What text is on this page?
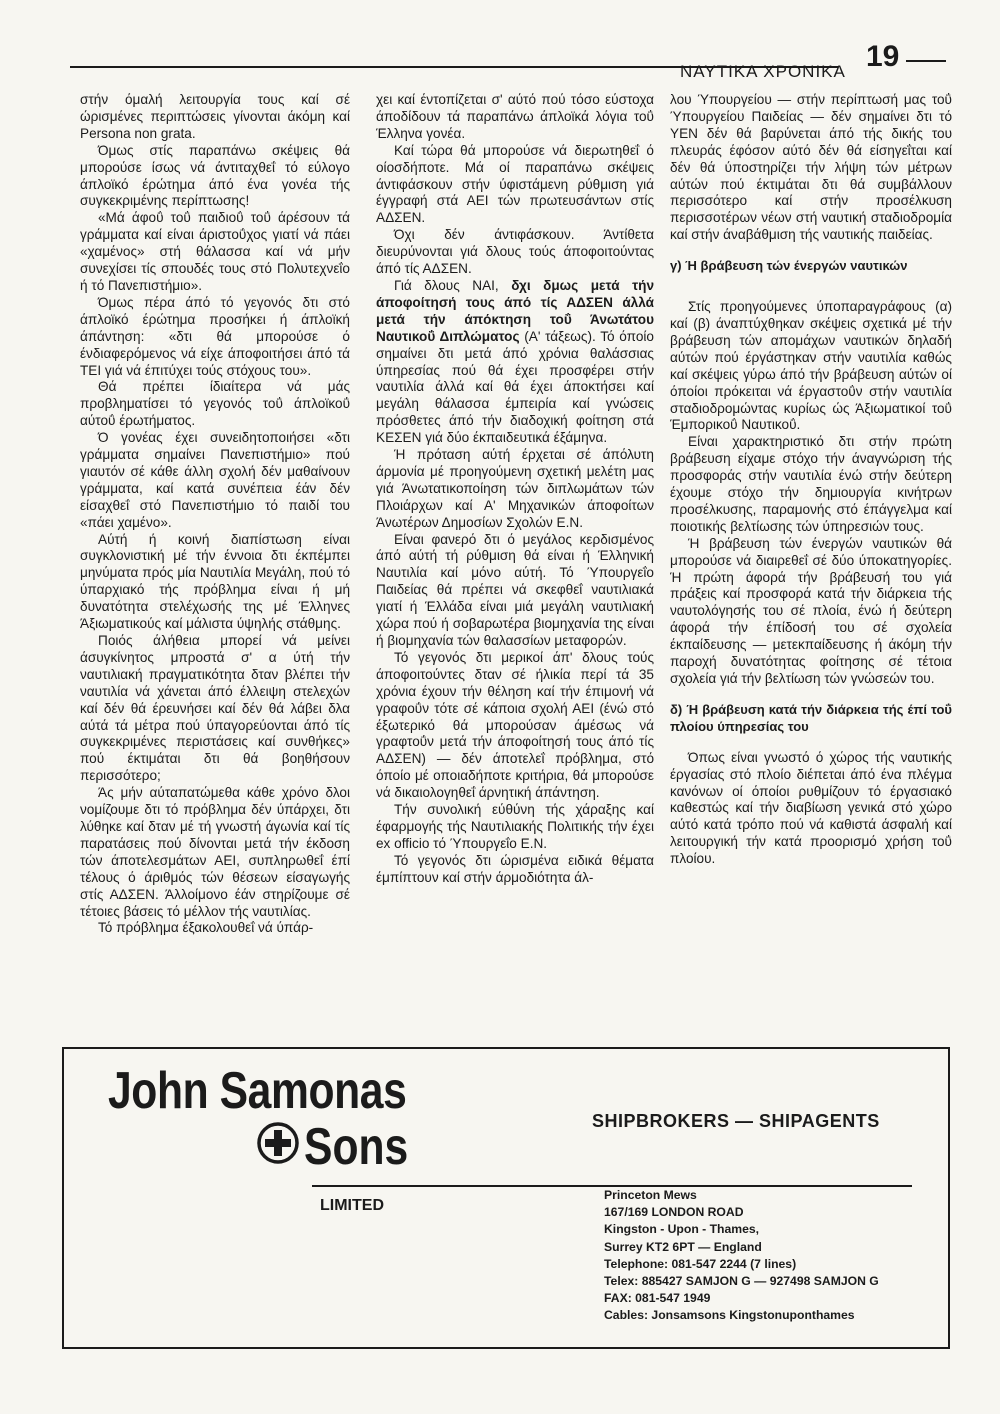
ΝΑΥΤΙΚΑ ΧΡΟΝΙΚΑ 19

στήν όμαλή λειτουργία τους καί σέ ώρισμένες περιπτώσεις γίνονται άκόμη καί Persona non grata.

Όμως στίς παραπάνω σκέψεις θά μπορούσε ίσως νά άντιταχθεΐ τό εύλογο άπλοϊκό έρώτημα άπό ένα γονέα τής συγκεκριμένης περίπτωσης!

«Μά άφοΰ τοΰ παιδιοΰ τοΰ άρέσουν τά γράμματα καί είναι άριστοΰχος γιατί νά πάει «χαμένος» στή θάλασσα καί νά μήν συνεχίσει τίς σπουδές τους στό Πολυτεχνεΐο ή τό Πανεπιστήμιο».

Όμως πέρα άπό τό γεγονός δτι στό άπλοϊκό έρώτημα προσήκει ή άπλοϊκή άπάντηση: «δτι θά μπορούσε ό ένδιαφερόμενος νά είχε άποφοιτήσει άπό τά ΤΕΙ γιά νά έπιτύχει τούς στόχους του».

Θά πρέπει ίδιαίτερα νά μάς προβληματίσει τό γεγονός τοΰ άπλοϊκοΰ αύτοΰ έρωτήματος.

Ό γονέας έχει συνειδητοποιήσει «δτι γράμματα σημαίνει Πανεπιστήμιο» πού γιαυτόν σέ κάθε άλλη σχολή δέν μαθαίνουν γράμματα, καί κατά συνέπεια έάν δέν είσαχθεΐ στό Πανεπιστήμιο τό παιδί του «πάει χαμένο».

Αύτή ή κοινή διαπίστωση είναι συγκλονιστική μέ τήν έννοια δτι έκπέμπει μηνύματα πρός μία Ναυτιλία Μεγάλη, πού τό ύπαρχιακό τής πρόβλημα είναι ή μή δυνατότητα στελέχωσής της μέ Έλληνες Άξιωματικούς καί μάλιστα ύψηλής στάθμης.

Ποιός άλήθεια μπορεί νά μείνει άσυγκίνητος μπροστά σ' α ύτή τήν ναυτιλιακή πραγματικότητα δταν βλέπει τήν ναυτιλία νά χάνεται άπό έλλειψη στελεχών καί δέν θά έρευνήσει καί δέν θά λάβει δλα αύτά τά μέτρα πού ύπαγορεύονται άπό τίς συγκεκριμένες περιστάσεις καί συνθήκες» πού έκτιμάται δτι θά βοηθήσουν περισσότερο;

Άς μήν αύταπατώμεθα κάθε χρόνο δλοι νομίζουμε δτι τό πρόβλημα δέν ύπάρχει, δτι λύθηκε καί δταν μέ τή γνωστή άγωνία καί τίς παρατάσεις πού δίνονται μετά τήν έκδοση τών άποτελεσμάτων ΑΕΙ, συπληρωθεΐ έπί τέλους ό άριθμός τών θέσεων είσαγωγής στίς ΑΔΣΕΝ. Άλλοίμονο έάν στηρίζουμε σέ τέτοιες βάσεις τό μέλλον τής ναυτιλίας.

Τό πρόβλημα έξακολουθεΐ νά ύπάρ-

χει καί έντοπίζεται σ' αύτό πού τόσο εύστοχα άποδίδουν τά παραπάνω άπλοϊκά λόγια τοΰ Έλληνα γονέα.

Καί τώρα θά μπορούσε νά διερωτηθεΐ ό οίοσδήποτε. Μά οί παραπάνω σκέψεις άντιφάσκουν στήν ύφιστάμενη ρύθμιση γιά έγγραφή στά ΑΕΙ τών πρωτευσάντων στίς ΑΔΣΕΝ.

Όχι δέν άντιφάσκουν. Άντίθετα διευρύνονται γιά δλους τούς άποφοιτούντας άπό τίς ΑΔΣΕΝ.

Γιά δλους ΝΑΙ, δχι δμως μετά τήν άποφοίτησή τους άπό τίς ΑΔΣΕΝ άλλά μετά τήν άπόκτηση τοΰ Άνωτάτου Ναυτικοΰ Διπλώματος (Α' τάξεως). Τό όποίο σημαίνει δτι μετά άπό χρόνια θαλάσσιας ύπηρεσίας πού θά έχει προσφέρει στήν ναυτιλία άλλά καί θά έχει άποκτήσει καί μεγάλη θάλασσα έμπειρία καί γνώσεις πρόσθετες άπό τήν διαδοχική φοίτηση στά ΚΕΣΕΝ γιά δύο έκπαιδευτικά έξάμηνα.

Ή πρόταση αύτή έρχεται σέ άπόλυτη άρμονία μέ προηγούμενη σχετική μελέτη μας γιά Άνωτατικοποίηση τών διπλωμάτων τών Πλοιάρχων καί Α' Μηχανικών άποφοίτων Άνωτέρων Δημοσίων Σχολών Ε.Ν.

Είναι φανερό δτι ό μεγάλος κερδισμένος άπό αύτή τή ρύθμιση θά είναι ή Έλληνική Ναυτιλία καί μόνο αύτή. Τό Ύπουργεΐο Παιδείας θά πρέπει νά σκεφθεΐ ναυτιλιακά γιατί ή Έλλάδα είναι μιά μεγάλη ναυτιλιακή χώρα πού ή σοβαρωτέρα βιομηχανία της είναι ή βιομηχανία τών θαλασσίων μεταφορών.

Τό γεγονός δτι μερικοί άπ' δλους τούς άποφοιτούντες δταν σέ ήλικία περί τά 35 χρόνια έχουν τήν θέληση καί τήν έπιμονή νά γραφοΰν τότε σέ κάποια σχολή ΑΕΙ (ένώ στό έξωτερικό θά μπορούσαν άμέσως νά γραφτοΰν μετά τήν άποφοίτησή τους άπό τίς ΑΔΣΕΝ) — δέν άποτελεΐ πρόβλημα, στό όποίο μέ οποιαδήποτε κριτήρια, θά μπορούσε νά δικαιολογηθεΐ άρνητική άπάντηση.

Τήν συνολική εύθύνη τής χάραξης καί έφαρμογής τής Ναυτιλιακής Πολιτικής τήν έχει ex officio τό Ύπουργεΐο Ε.Ν.

Τό γεγονός δτι ώρισμένα ειδικά θέματα έμπίπτουν καί στήν άρμοδιότητα άλ-

λου Ύπουργείου — στήν περίπτωσή μας τοΰ Ύπουργείου Παιδείας — δέν σημαίνει δτι τό ΥΕΝ δέν θά βαρύνεται άπό τής δικής του πλευράς έφόσον αύτό δέν θά είσηγεΐται καί δέν θά ύποστηρίζει τήν λήψη τών μέτρων αύτών πού έκτιμάται δτι θά συμβάλλουν περισσότερο καί στήν προσέλκυση περισσοτέρων νέων στή ναυτική σταδιοδρομία καί στήν άναβάθμιση τής ναυτικής παιδείας.

γ) Ή βράβευση τών ένεργών ναυτικών

Στίς προηγούμενες ύποπαραγράφους (α) καί (β) άναπτύχθηκαν σκέψεις σχετικά μέ τήν βράβευση τών απομάχων ναυτικών δηλαδή αύτών πού έργάστηκαν στήν ναυτιλία καθώς καί σκέψεις γύρω άπό τήν βράβευση αύτών οί όποίοι πρόκειται νά έργαστοΰν στήν ναυτιλία σταδιοδρομώντας κυρίως ώς Άξιωματικοί τοΰ Έμπορικοΰ Ναυτικοΰ.

Είναι χαρακτηριστικό δτι στήν πρώτη βράβευση είχαμε στόχο τήν άναγνώριση τής προσφοράς στήν ναυτιλία ένώ στήν δεύτερη έχουμε στόχο τήν δημιουργία κινήτρων προσέλκυσης, παραμονής στό έπάγγελμα καί ποιοτικής βελτίωσης τών ύπηρεσιών τους.

Ή βράβευση τών ένεργών ναυτικών θά μπορούσε νά διαιρεθεΐ σέ δύο ύποκατηγορίες. Ή πρώτη άφορά τήν βράβευσή του γιά πράξεις καί προσφορά κατά τήν διάρκεια τής ναυτολόγησής του σέ πλοία, ένώ ή δεύτερη άφορά τήν έπίδοσή του σέ σχολεία έκπαίδευσης — μετεκπαίδευσης ή άκόμη τήν παροχή δυνατότητας φοίτησης σέ τέτοια σχολεία γιά τήν βελτίωση τών γνώσεών του.

δ) Ή βράβευση κατά τήν διάρκεια τής έπί τοΰ πλοίου ύπηρεσίας του

Όπως είναι γνωστό ό χώρος τής ναυτικής έργασίας στό πλοίο διέπεται άπό ένα πλέγμα κανόνων οί όποίοι ρυθμίζουν τό έργασιακό καθεστώς καί τήν διαβίωση γενικά στό χώρο αύτό κατά τρόπο πού νά καθιστά άσφαλή καί λειτουργική τήν κατά προορισμό χρήση τοΰ πλοίου.

John Samonas
Sons	SHIPBROKERS — SHIPAGENTS
LIMITED
Princeton Mews
167/169 LONDON ROAD
Kingston - Upon - Thames,
Surrey KT2 6PT — England
Telephone: 081-547 2244 (7 lines)
Telex: 885427 SAMJON G — 927498 SAMJON G
FAX: 081-547 1949
Cables: Jonsamsons Kingstonuponthames
